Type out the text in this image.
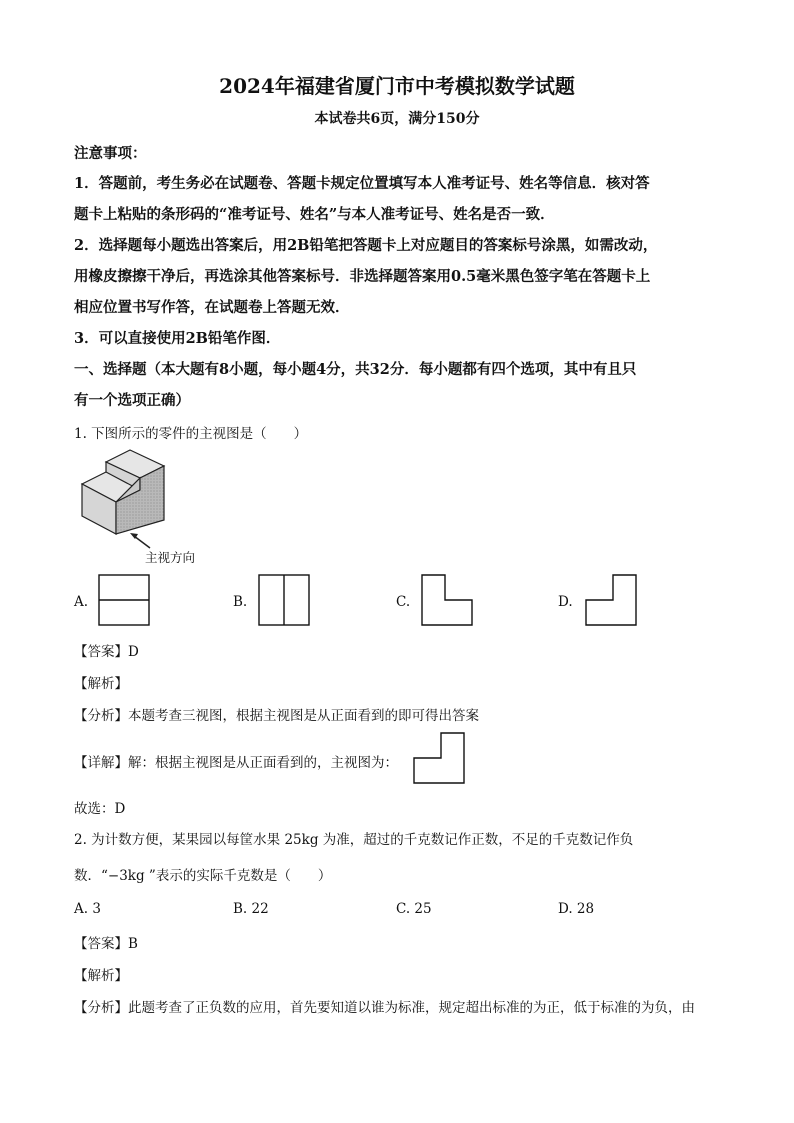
2024年福建省厦门市中考模拟数学试题
本试卷共6页，满分150分
注意事项：
1．答题前，考生务必在试题卷、答题卡规定位置填写本人准考证号、姓名等信息．核对答
题卡上粘贴的条形码的“准考证号、姓名”与本人准考证号、姓名是否一致．
2．选择题每小题选出答案后，用2B铅笔把答题卡上对应题目的答案标号涂黑，如需改动，
用橡皮擦擦干净后，再选涂其他答案标号．非选择题答案用0.5毫米黑色签字笔在答题卡上
相应位置书写作答，在试题卷上答题无效．
3．可以直接使用2B铅笔作图．
一、选择题（本大题有8小题，每小题4分，共32分．每小题都有四个选项，其中有且只
有一个选项正确）
1. 下图所示的零件的主视图是（　　）
主视方向
A.	B.	C.	D.
【答案】D
【解析】
【分析】本题考查三视图，根据主视图是从正面看到的即可得出答案
【详解】解：根据主视图是从正面看到的，主视图为：
故选：D
2. 为计数方便，某果园以每筐水果 25kg 为准，超过的千克数记作正数，不足的千克数记作负
数．“−3kg ”表示的实际千克数是（　　）
A. 3	B. 22	C. 25	D. 28
【答案】B
【解析】
【分析】此题考查了正负数的应用，首先要知道以谁为标准，规定超出标准的为正，低于标准的为负，由
